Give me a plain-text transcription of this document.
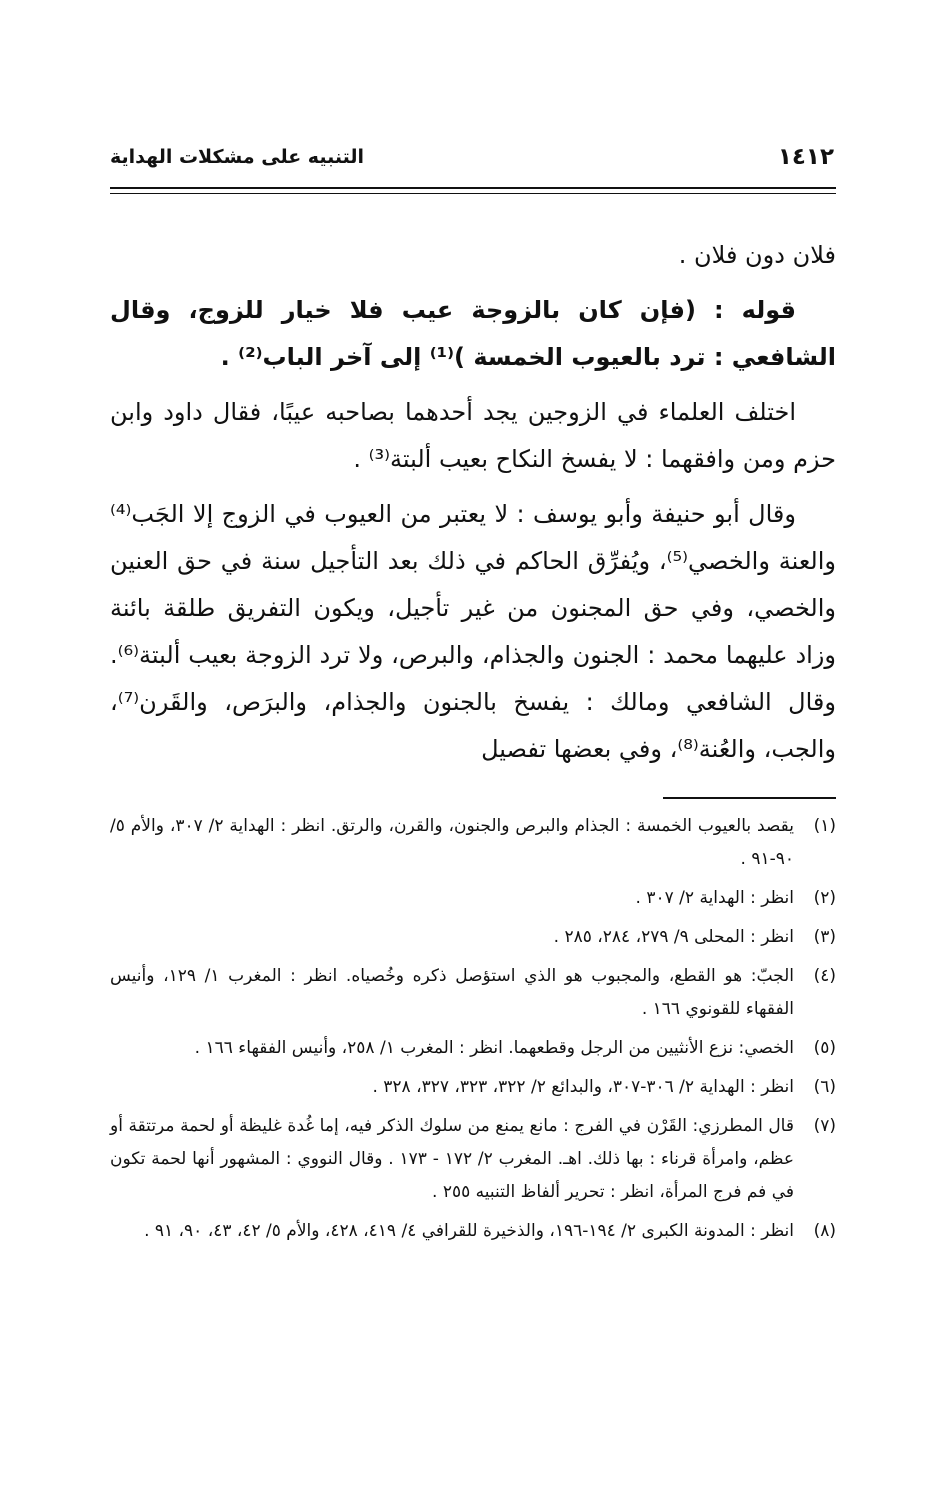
التنبيه على مشكلات الهداية	١٤١٢

فلان دون فلان .

قوله : (فإن كان بالزوجة عيب فلا خيار للزوج، وقال الشافعي : ترد بالعيوب الخمسة )⁽¹⁾ إلى آخر الباب⁽²⁾ .

اختلف العلماء في الزوجين يجد أحدهما بصاحبه عيبًا، فقال داود وابن حزم ومن وافقهما : لا يفسخ النكاح بعيب ألبتة⁽³⁾ .

وقال أبو حنيفة وأبو يوسف : لا يعتبر من العيوب في الزوج إلا الجَب⁽⁴⁾ والعنة والخصي⁽⁵⁾، ويُفرِّق الحاكم في ذلك بعد التأجيل سنة في حق العنين والخصي، وفي حق المجنون من غير تأجيل، ويكون التفريق طلقة بائنة وزاد عليهما محمد : الجنون والجذام، والبرص، ولا ترد الزوجة بعيب ألبتة⁽⁶⁾. وقال الشافعي ومالك : يفسخ بالجنون والجذام، والبرَص، والقَرن⁽⁷⁾، والجب، والعُنة⁽⁸⁾، وفي بعضها تفصيل

(١)
يقصد بالعيوب الخمسة : الجذام والبرص والجنون، والقرن، والرتق. انظر : الهداية ٢/ ٣٠٧، والأم ٥/ ٩٠-٩١ .
(٢)
انظر : الهداية ٢/ ٣٠٧ .
(٣)
انظر : المحلى ٩/ ٢٧٩، ٢٨٤، ٢٨٥ .
(٤)
الجبّ: هو القطع، والمجبوب هو الذي استؤصل ذكره وخُصياه. انظر : المغرب ١/ ١٢٩، وأنيس الفقهاء للقونوي ١٦٦ .
(٥)
الخصي: نزع الأنثيين من الرجل وقطعهما. انظر : المغرب ١/ ٢٥٨، وأنيس الفقهاء ١٦٦ .
(٦)
انظر : الهداية ٢/ ٣٠٦-٣٠٧، والبدائع ٢/ ٣٢٢، ٣٢٣، ٣٢٧، ٣٢٨ .
(٧)
قال المطرزي: القَرْن في الفرج : مانع يمنع من سلوك الذكر فيه، إما غُدة غليظة أو لحمة مرتتقة أو عظم، وامرأة قرناء : بها ذلك. اهـ. المغرب ٢/ ١٧٢ - ١٧٣ . وقال النووي : المشهور أنها لحمة تكون في فم فرج المرأة، انظر : تحرير ألفاظ التنبيه ٢٥٥ .
(٨)
انظر : المدونة الكبرى ٢/ ١٩٤-١٩٦، والذخيرة للقرافي ٤/ ٤١٩، ٤٢٨، والأم ٥/ ٤٢، ٤٣، ٩٠، ٩١ .
